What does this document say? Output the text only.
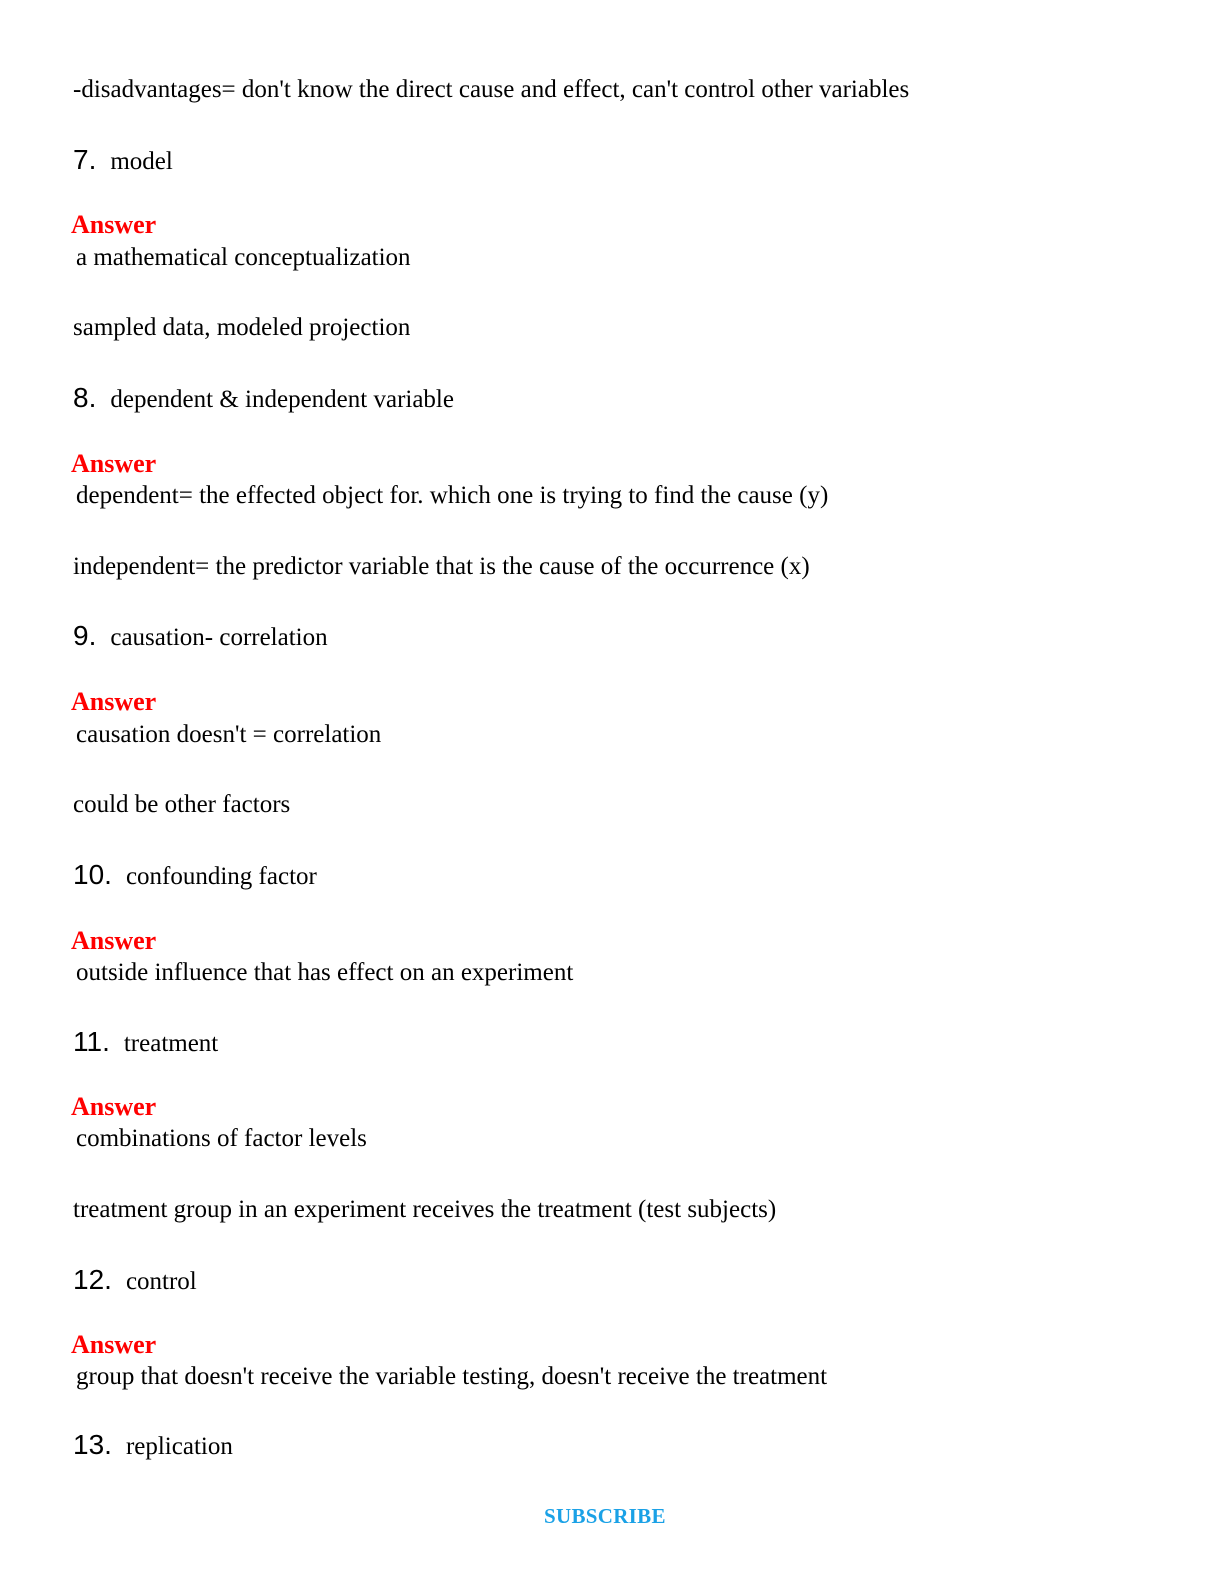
-disadvantages= don't know the direct cause and effect, can't control other variables
7. model
Answer
a mathematical conceptualization
sampled data, modeled projection
8. dependent & independent variable
Answer
dependent= the effected object for. which one is trying to find the cause (y)
independent= the predictor variable that is the cause of the occurrence (x)
9. causation- correlation
Answer
causation doesn't = correlation
could be other factors
10. confounding factor
Answer
outside influence that has effect on an experiment
11. treatment
Answer
combinations of factor levels
treatment group in an experiment receives the treatment (test subjects)
12. control
Answer
group that doesn't receive the variable testing, doesn't receive the treatment
13. replication
SUBSCRIBE
